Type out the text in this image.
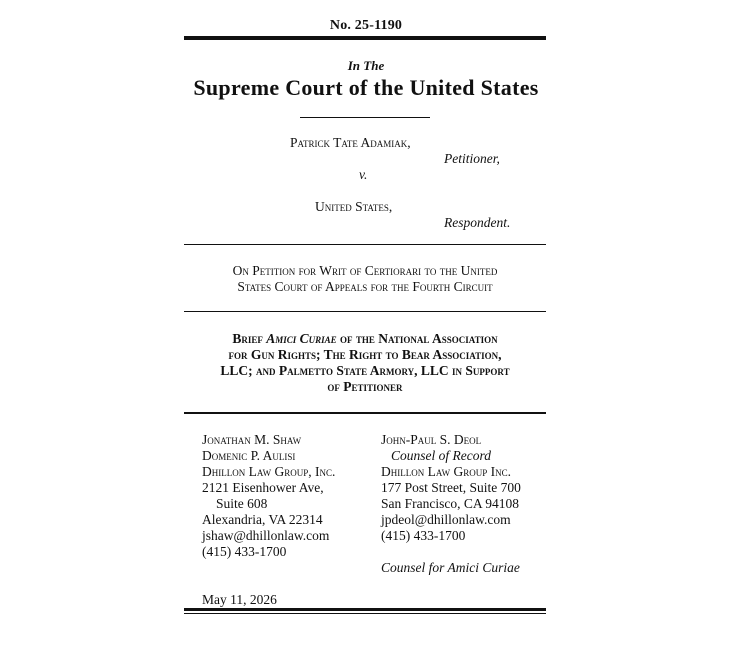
No. 25-1190
In The
Supreme Court of the United States
Patrick Tate Adamiak,
Petitioner,
v.
United States,
Respondent.
On Petition for Writ of Certiorari to the United
States Court of Appeals for the Fourth Circuit
Brief Amici Curiae of the National Association
for Gun Rights; The Right to Bear Association,
LLC; and Palmetto State Armory, LLC in Support
of Petitioner
Jonathan M. Shaw
Domenic P. Aulisi
Dhillon Law Group, Inc.
2121 Eisenhower Ave,
Suite 608
Alexandria, VA 22314
jshaw@dhillonlaw.com
(415) 433-1700
John-Paul S. Deol
Counsel of Record
Dhillon Law Group Inc.
177 Post Street, Suite 700
San Francisco, CA 94108
jpdeol@dhillonlaw.com
(415) 433-1700
Counsel for Amici Curiae
May 11, 2026
